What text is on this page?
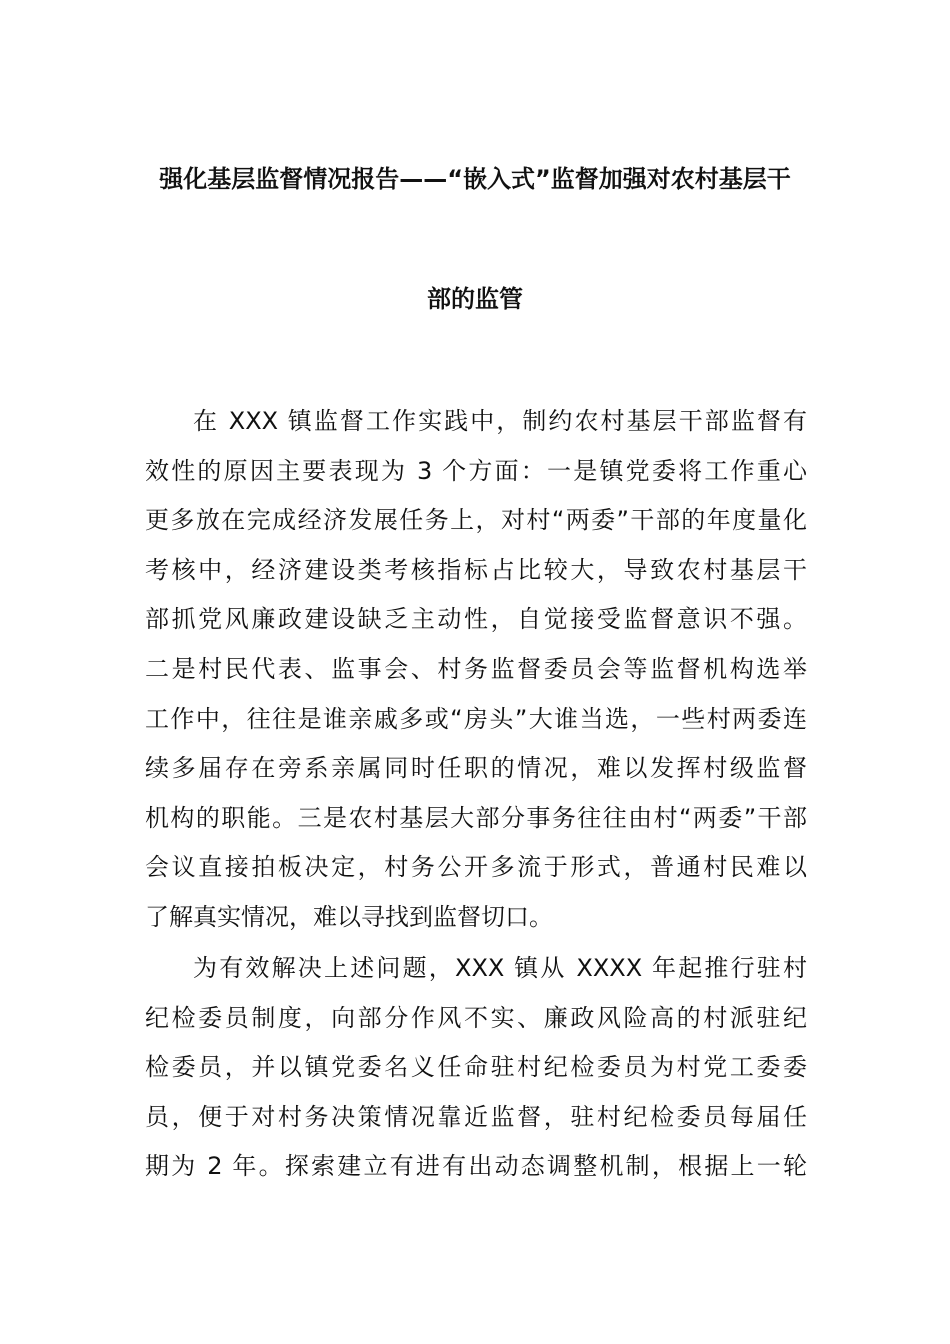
强化基层监督情况报告——“嵌入式”监督加强对农村基层干
部的监管
在 XXX 镇监督工作实践中，制约农村基层干部监督有
效性的原因主要表现为 3 个方面：一是镇党委将工作重心
更多放在完成经济发展任务上，对村“两委”干部的年度量化
考核中，经济建设类考核指标占比较大，导致农村基层干
部抓党风廉政建设缺乏主动性，自觉接受监督意识不强。
二是村民代表、监事会、村务监督委员会等监督机构选举
工作中，往往是谁亲戚多或“房头”大谁当选，一些村两委连
续多届存在旁系亲属同时任职的情况，难以发挥村级监督
机构的职能。三是农村基层大部分事务往往由村“两委”干部
会议直接拍板决定，村务公开多流于形式，普通村民难以
了解真实情况，难以寻找到监督切口。
为有效解决上述问题，XXX 镇从 XXXX 年起推行驻村
纪检委员制度，向部分作风不实、廉政风险高的村派驻纪
检委员，并以镇党委名义任命驻村纪检委员为村党工委委
员，便于对村务决策情况靠近监督，驻村纪检委员每届任
期为 2 年。探索建立有进有出动态调整机制，根据上一轮
